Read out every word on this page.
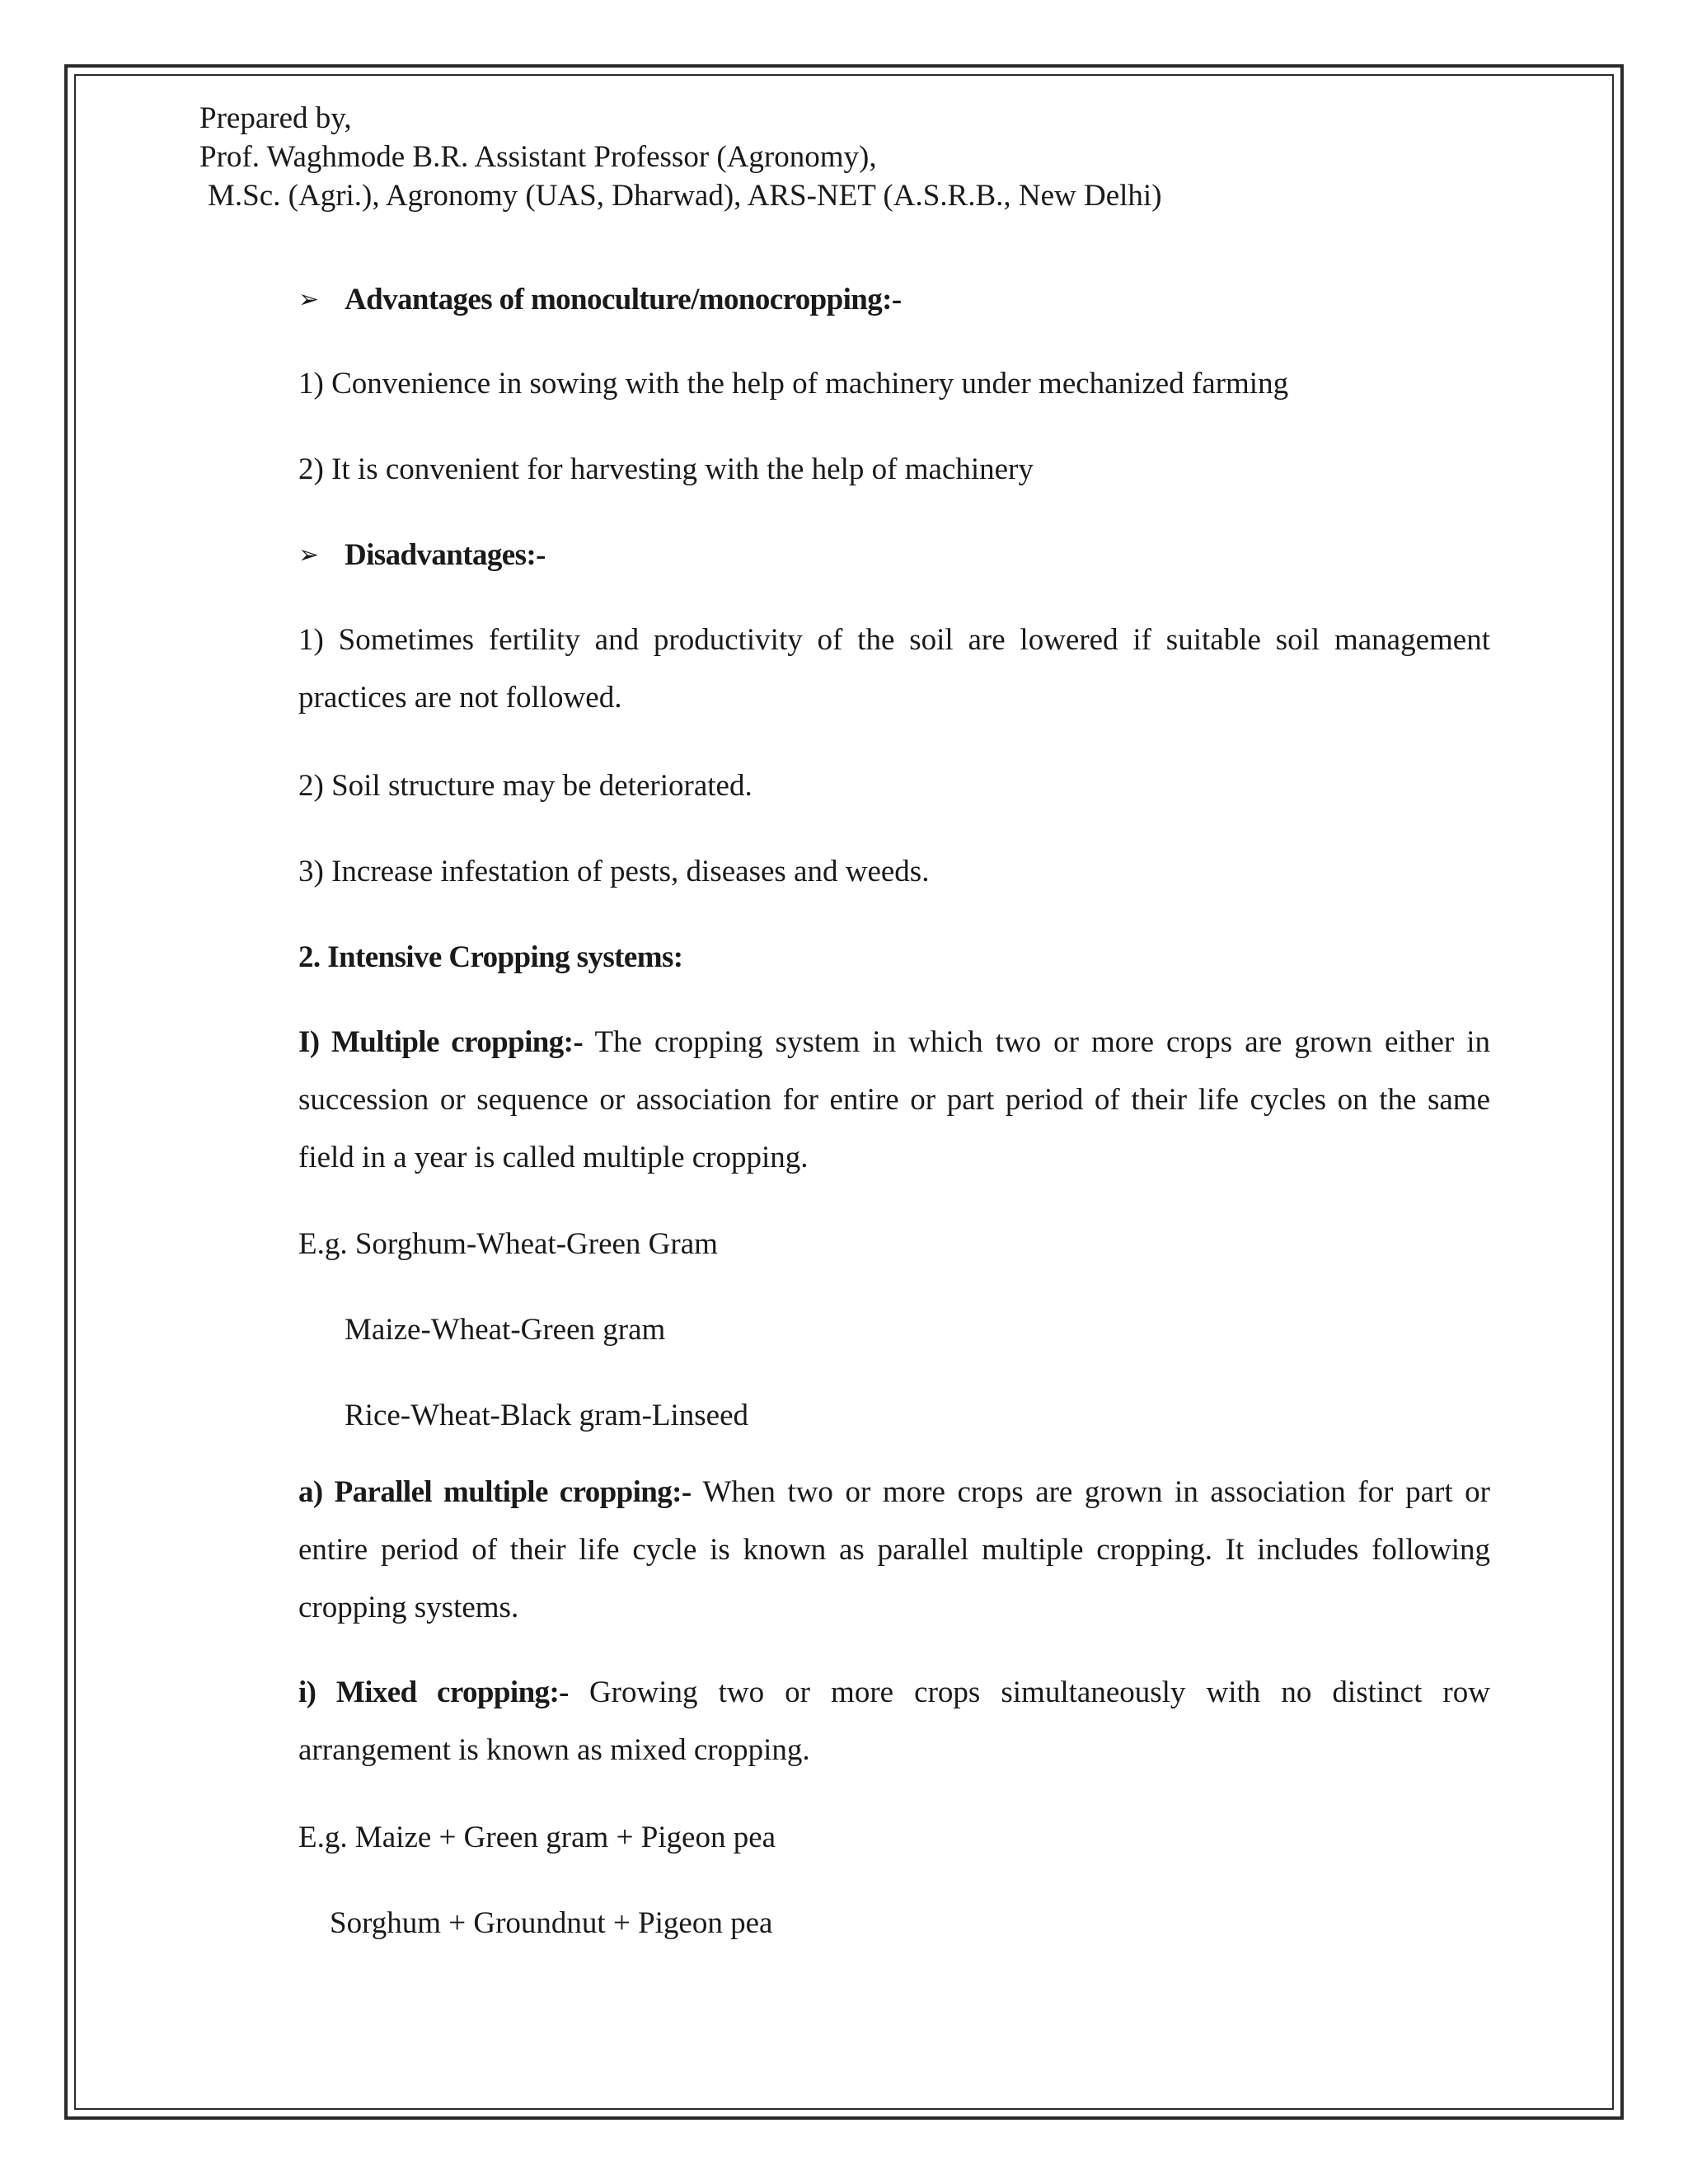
Prepared by,
Prof. Waghmode B.R. Assistant Professor (Agronomy),
M.Sc. (Agri.), Agronomy (UAS, Dharwad), ARS-NET (A.S.R.B., New Delhi)
➢ Advantages of monoculture/monocropping:-
1) Convenience in sowing with the help of machinery under mechanized farming
2) It is convenient for harvesting with the help of machinery
➢ Disadvantages:-
1) Sometimes fertility and productivity of the soil are lowered if suitable soil management practices are not followed.
2) Soil structure may be deteriorated.
3) Increase infestation of pests, diseases and weeds.
2. Intensive Cropping systems:
I) Multiple cropping:- The cropping system in which two or more crops are grown either in succession or sequence or association for entire or part period of their life cycles on the same field in a year is called multiple cropping.
E.g. Sorghum-Wheat-Green Gram
Maize-Wheat-Green gram
Rice-Wheat-Black gram-Linseed
a) Parallel multiple cropping:- When two or more crops are grown in association for part or entire period of their life cycle is known as parallel multiple cropping. It includes following cropping systems.
i) Mixed cropping:- Growing two or more crops simultaneously with no distinct row arrangement is known as mixed cropping.
E.g. Maize + Green gram + Pigeon pea
Sorghum + Groundnut + Pigeon pea
